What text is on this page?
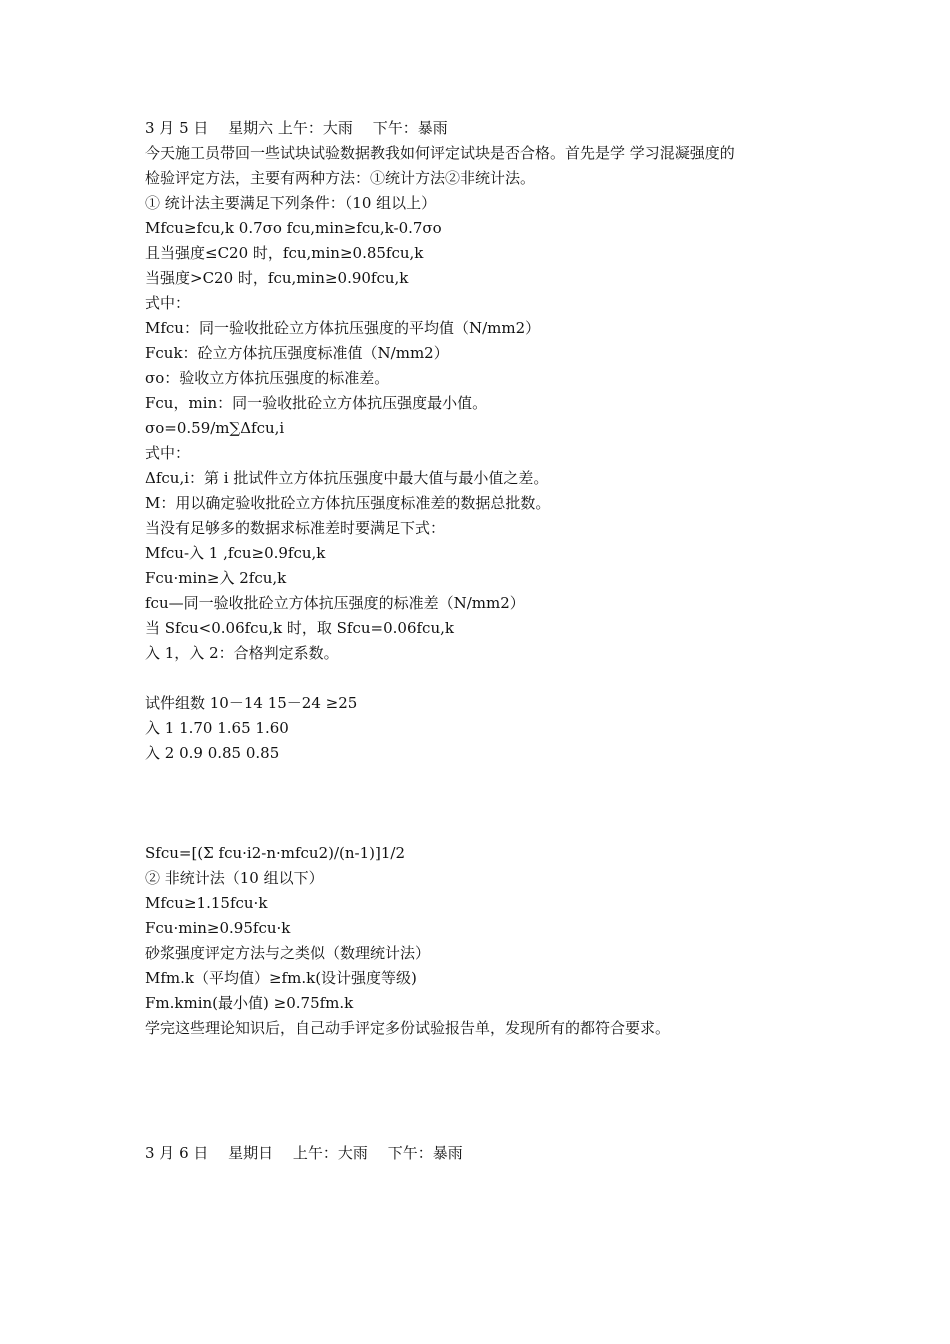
3 月 5 日　 星期六 上午：大雨　 下午：暴雨
今天施工员带回一些试块试验数据教我如何评定试块是否合格。首先是学 学习混凝强度的
检验评定方法，主要有两种方法：①统计方法②非统计法。
① 统计法主要满足下列条件：（10 组以上）
Mfcu≥fcu,k 0.7σo fcu,min≥fcu,k-0.7σo
且当强度≤C20 时，fcu,min≥0.85fcu,k
当强度>C20 时，fcu,min≥0.90fcu,k
式中：
Mfcu：同一验收批砼立方体抗压强度的平均值（N/mm2）
Fcuk：砼立方体抗压强度标准值（N/mm2）
σo：验收立方体抗压强度的标准差。
Fcu，min：同一验收批砼立方体抗压强度最小值。
σo=0.59/m∑Δfcu,i
式中：
Δfcu,i：第 i 批试件立方体抗压强度中最大值与最小值之差。
M：用以确定验收批砼立方体抗压强度标准差的数据总批数。
当没有足够多的数据求标准差时要满足下式：
Mfcu-入 1 ,fcu≥0.9fcu,k
Fcu·min≥入 2fcu,k
fcu—同一验收批砼立方体抗压强度的标准差（N/mm2）
当 Sfcu<0.06fcu,k 时，取 Sfcu=0.06fcu,k
入 1，入 2：合格判定系数。
试件组数 10－14 15－24 ≥25
入 1 1.70 1.65 1.60
入 2 0.9 0.85 0.85
Sfcu=[(Σ fcu·i2-n·mfcu2)/(n-1)]1/2
② 非统计法（10 组以下）
Mfcu≥1.15fcu·k
Fcu·min≥0.95fcu·k
砂浆强度评定方法与之类似（数理统计法）
Mfm.k（平均值）≥fm.k(设计强度等级)
Fm.kmin(最小值) ≥0.75fm.k
学完这些理论知识后，自己动手评定多份试验报告单，发现所有的都符合要求。
3 月 6 日　 星期日　 上午：大雨　 下午：暴雨
